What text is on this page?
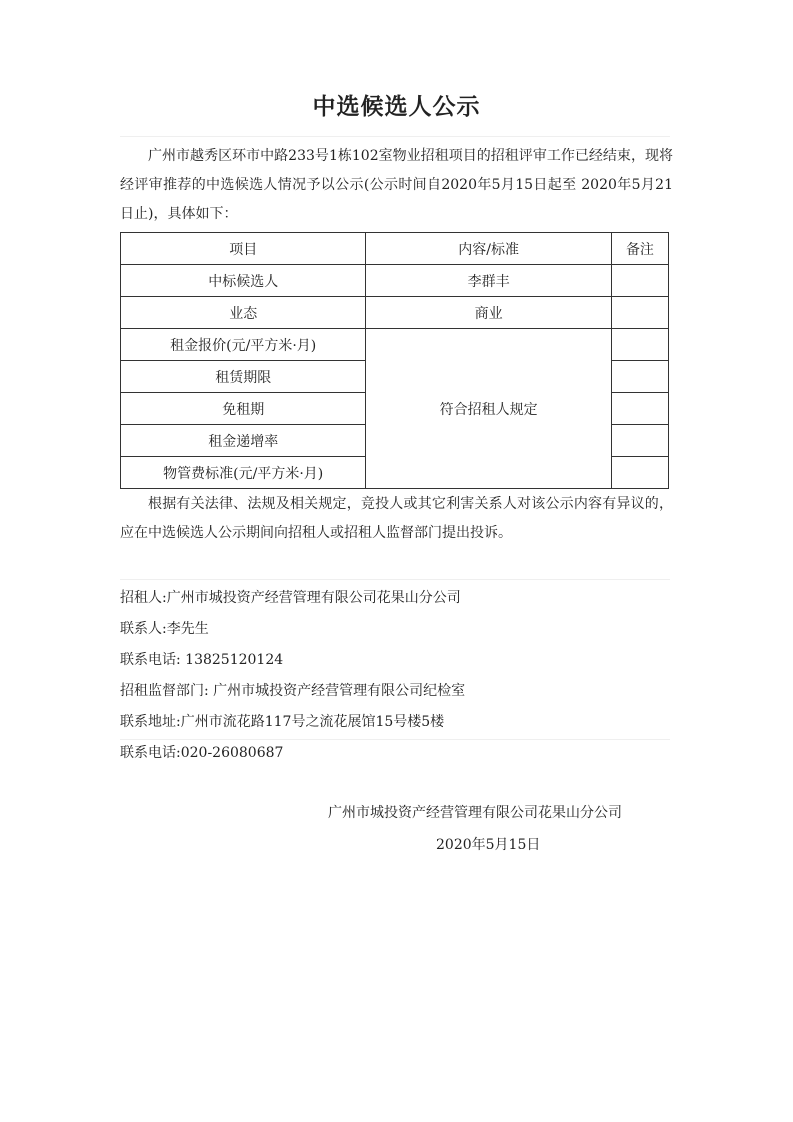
中选候选人公示

广州市越秀区环市中路233号1栋102室物业招租项目的招租评审工作已经结束，现将经评审推荐的中选候选人情况予以公示(公示时间自2020年5月15日起至 2020年5月21日止)，具体如下：

项目	内容/标准	备注
中标候选人	李群丰	
业态	商业	
租金报价(元/平方米·月)	符合招租人规定	
租赁期限		
免租期		
租金递增率		
物管费标准(元/平方米·月)		

根据有关法律、法规及相关规定，竞投人或其它利害关系人对该公示内容有异议的，应在中选候选人公示期间向招租人或招租人监督部门提出投诉。

招租人:广州市城投资产经营管理有限公司花果山分公司
联系人:李先生
联系电话: 13825120124
招租监督部门: 广州市城投资产经营管理有限公司纪检室
联系地址:广州市流花路117号之流花展馆15号楼5楼
联系电话:020-26080687

广州市城投资产经营管理有限公司花果山分公司

2020年5月15日
